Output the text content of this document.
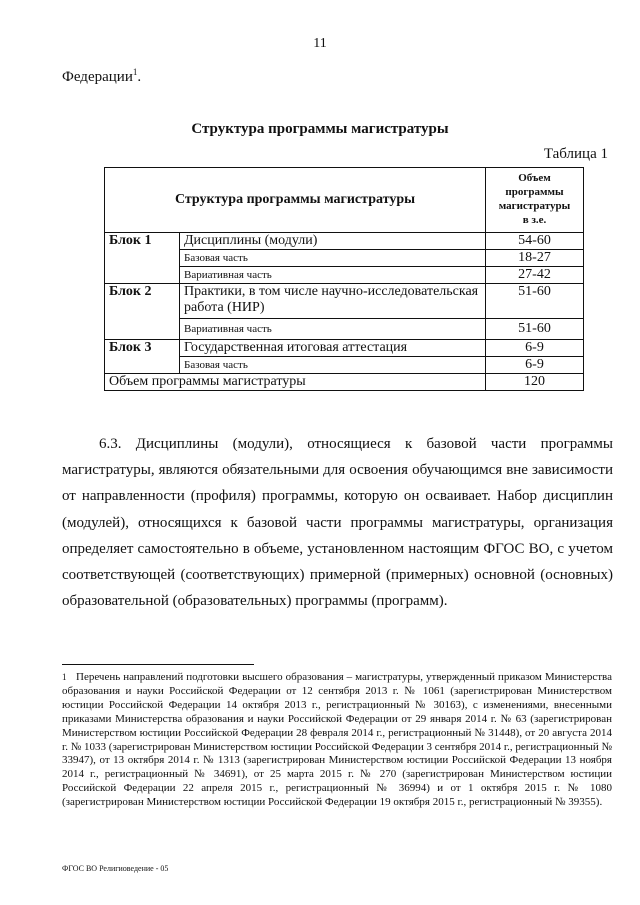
11
Федерации$^1$.
Структура программы магистратуры
Таблица 1
Структура программы магистратуры		Объем
программы
магистратуры
в з.е.

Блок 1	Дисциплины (модули)	54-60
	Базовая часть	18-27
	Вариативная часть	27-42
Блок 2	Практики, в том числе научно-исследовательская работа (НИР)	51-60
	Вариативная часть	51-60
Блок 3	Государственная итоговая аттестация	6-9
	Базовая часть	6-9
Объем программы магистратуры		120

6.3. Дисциплины (модули), относящиеся к базовой части программы магистратуры, являются обязательными для освоения обучающимся вне зависимости от направленности (профиля) программы, которую он осваивает. Набор дисциплин (модулей), относящихся к базовой части программы магистратуры, организация определяет самостоятельно в объеме, установленном настоящим ФГОС ВО, с учетом соответствующей (соответствующих) примерной (примерных) основной (основных) образовательной (образовательных) программы (программ).

1 Перечень направлений подготовки высшего образования – магистратуры, утвержденный приказом Министерства образования и науки Российской Федерации от 12 сентября 2013 г. № 1061 (зарегистрирован Министерством юстиции Российской Федерации 14 октября 2013 г., регистрационный № 30163), с изменениями, внесенными приказами Министерства образования и науки Российской Федерации от 29 января 2014 г. № 63 (зарегистрирован Министерством юстиции Российской Федерации 28 февраля 2014 г., регистрационный № 31448), от 20 августа 2014 г. № 1033 (зарегистрирован Министерством юстиции Российской Федерации 3 сентября 2014 г., регистрационный № 33947), от 13 октября 2014 г. № 1313 (зарегистрирован Министерством юстиции Российской Федерации 13 ноября 2014 г., регистрационный № 34691), от 25 марта 2015 г. № 270 (зарегистрирован Министерством юстиции Российской Федерации 22 апреля 2015 г., регистрационный № 36994) и от 1 октября 2015 г. № 1080 (зарегистрирован Министерством юстиции Российской Федерации 19 октября 2015 г., регистрационный № 39355).

ФГОС ВО Религиоведение - 05
